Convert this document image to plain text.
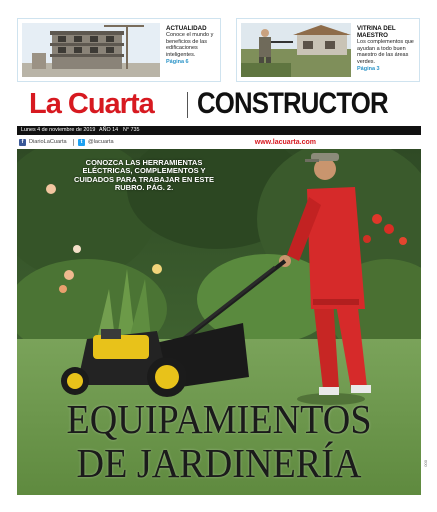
ACTUALIDAD
Conoce el mundo y beneficios de las edificaciones inteligentes.
Página 6
VITRINA DEL MAESTRO
Los complementos que ayudan a todo buen maestro de las áreas verdes.
Página 3
La Cuarta CONSTRUCTOR
Lunes 4 de noviembre de 2019 AÑO 14 N° 735
f DiarioLaCuarta	t @lacuarta	www.lacuarta.com
CONOZCA LAS HERRAMIENTAS ELÉCTRICAS, COMPLEMENTOS Y CUIDADOS PARA TRABAJAR EN ESTE RUBRO. PÁG. 2.
EQUIPAMIENTOS
DE JARDINERÍA	000
